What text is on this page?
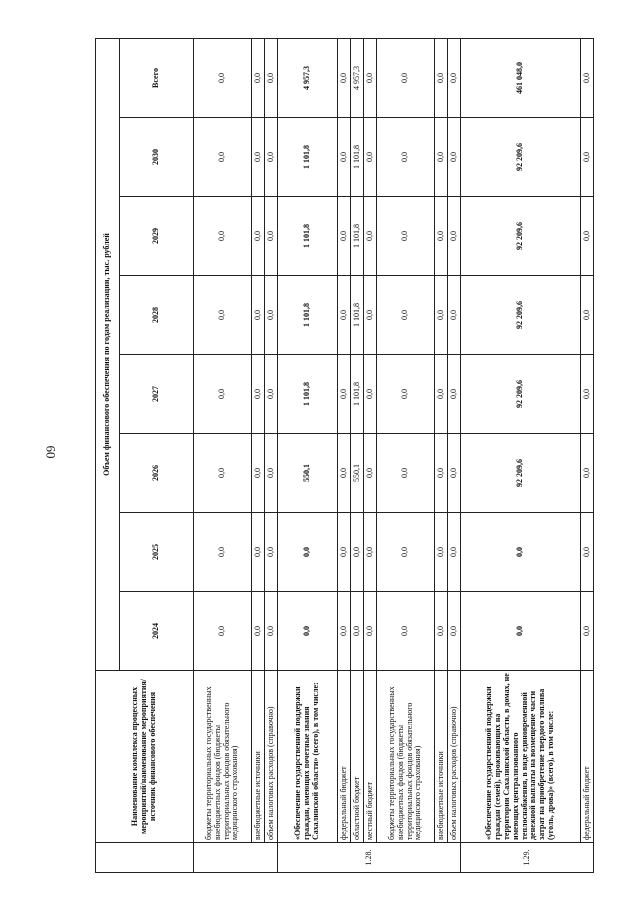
60
	Наименование комплекса процессных мероприятий/наименование мероприятия/ источник финансового обеспечения	Объем финансового обеспечения по годам реализации, тыс. рублей							
		2024	2025	2026	2027	2028	2029	2030	Всего
	бюджеты территориальных государственных внебюджетных фондов (бюджеты территориальных фондов обязательного медицинского страхования)	0,0	0,0	0,0	0,0	0,0	0,0	0,0	0,0
	внебюджетные источники	0,0	0,0	0,0	0,0	0,0	0,0	0,0	0,0
	объем налоговых расходов (справочно)	0,0	0,0	0,0	0,0	0,0	0,0	0,0	0,0
1.28.	«Обеспечение государственной поддержки граждан, имеющих почетные звания Сахалинской области» (всего), в том числе:	0,0	0,0	550,1	1 101,8	1 101,8	1 101,8	1 101,8	4 957,3
	федеральный бюджет	0,0	0,0	0,0	0,0	0,0	0,0	0,0	0,0
	областной бюджет	0,0	0,0	550,1	1 101,8	1 101,8	1 101,8	1 101,8	4 957,3
	местный бюджет	0,0	0,0	0,0	0,0	0,0	0,0	0,0	0,0
	бюджеты территориальных государственных внебюджетных фондов (бюджеты территориальных фондов обязательного медицинского страхования)	0,0	0,0	0,0	0,0	0,0	0,0	0,0	0,0
	внебюджетные источники	0,0	0,0	0,0	0,0	0,0	0,0	0,0	0,0
	объем налоговых расходов (справочно)	0,0	0,0	0,0	0,0	0,0	0,0	0,0	0,0
1.29.	«Обеспечение государственной поддержки граждан (семей), проживающих на территории Сахалинской области, в домах, не имеющих централизованного теплоснабжения, в виде единовременной денежной выплаты на возмещение части затрат на приобретение твердого топлива (уголь, дрова)» (всего), в том числе:	0,0	0,0	92 209,6	92 209,6	92 209,6	92 209,6	92 209,6	461 048,0
	федеральный бюджет	0,0	0,0	0,0	0,0	0,0	0,0	0,0	0,0
